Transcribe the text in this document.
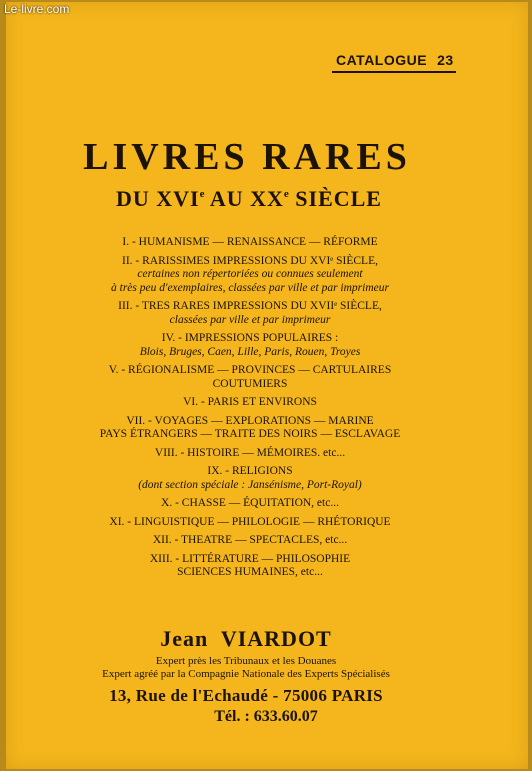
Le-livre.com
CATALOGUE 23
LIVRES RARES
DU XVIe AU XXe SIÈCLE
I. - HUMANISME — RENAISSANCE — RÉFORME
II. - RARISSIMES IMPRESSIONS DU XVIᵉ SIÈCLE,
certaines non répertoriées ou connues seulement
à très peu d'exemplaires, classées par ville et par imprimeur
III. - TRES RARES IMPRESSIONS DU XVIIᵉ SIÈCLE,
classées par ville et par imprimeur
IV. - IMPRESSIONS POPULAIRES :
Blois, Bruges, Caen, Lille, Paris, Rouen, Troyes
V. - RÉGIONALISME — PROVINCES — CARTULAIRES
COUTUMIERS
VI. - PARIS ET ENVIRONS
VII. - VOYAGES — EXPLORATIONS — MARINE
PAYS ÉTRANGERS — TRAITE DES NOIRS — ESCLAVAGE
VIII. - HISTOIRE — MÉMOIRES. etc...
IX. - RELIGIONS
(dont section spéciale : Jansénisme, Port-Royal)
X. - CHASSE — ÉQUITATION, etc...
XI. - LINGUISTIQUE — PHILOLOGIE — RHÉTORIQUE
XII. - THEATRE — SPECTACLES, etc...
XIII. - LITTÉRATURE — PHILOSOPHIE
SCIENCES HUMAINES, etc...
Jean  VIARDOT
Expert près les Tribunaux et les Douanes
Expert agréé par la Compagnie Nationale des Experts Spécialisés
13, Rue de l'Echaudé - 75006 PARIS
Tél. : 633.60.07
